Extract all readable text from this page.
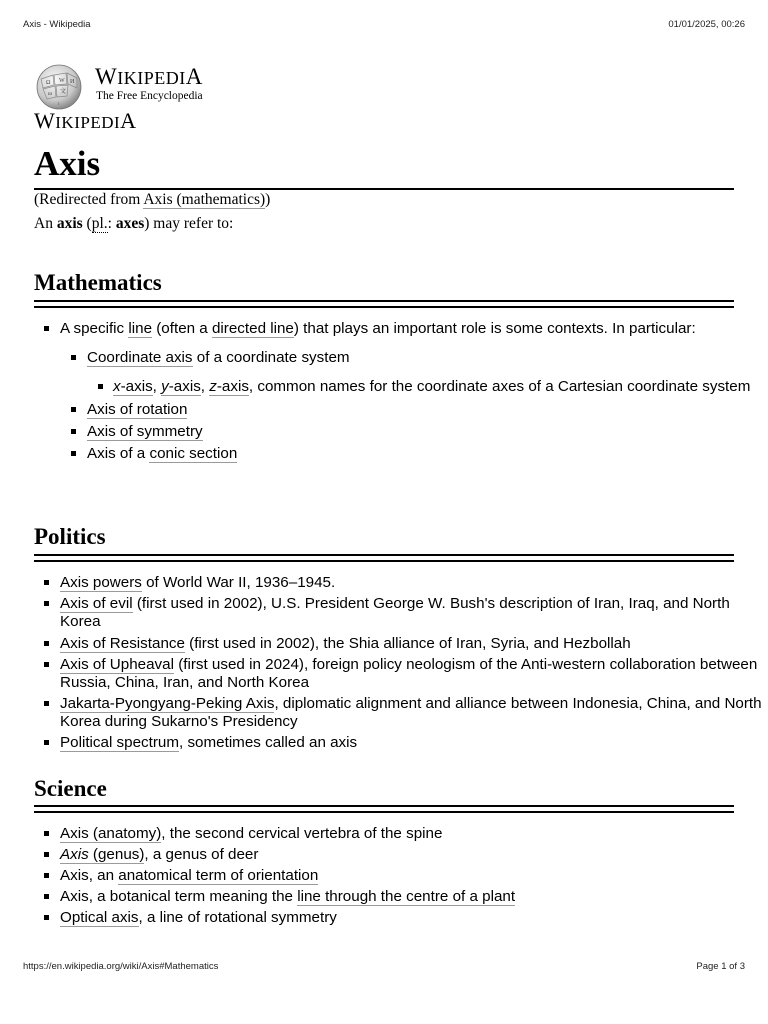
Axis - Wikipedia	01/01/2025, 00:26
Ω W И
ω 文
ɪ
WIKIPEDIA
The Free Encyclopedia
WIKIPEDIA
Axis
(Redirected from Axis (mathematics))
An axis (pl.: axes) may refer to:
Mathematics
A specific line (often a directed line) that plays an important role is some contexts. In particular:
Coordinate axis of a coordinate system
x-axis, y-axis, z-axis, common names for the coordinate axes of a Cartesian coordinate system
Axis of rotation
Axis of symmetry
Axis of a conic section
Politics
Axis powers of World War II, 1936–1945.
Axis of evil (first used in 2002), U.S. President George W. Bush's description of Iran, Iraq, and North Korea
Axis of Resistance (first used in 2002), the Shia alliance of Iran, Syria, and Hezbollah
Axis of Upheaval (first used in 2024), foreign policy neologism of the Anti-western collaboration between Russia, China, Iran, and North Korea
Jakarta-Pyongyang-Peking Axis, diplomatic alignment and alliance between Indonesia, China, and North Korea during Sukarno's Presidency
Political spectrum, sometimes called an axis
Science
Axis (anatomy), the second cervical vertebra of the spine
Axis (genus), a genus of deer
Axis, an anatomical term of orientation
Axis, a botanical term meaning the line through the centre of a plant
Optical axis, a line of rotational symmetry
https://en.wikipedia.org/wiki/Axis#Mathematics	Page 1 of 3
